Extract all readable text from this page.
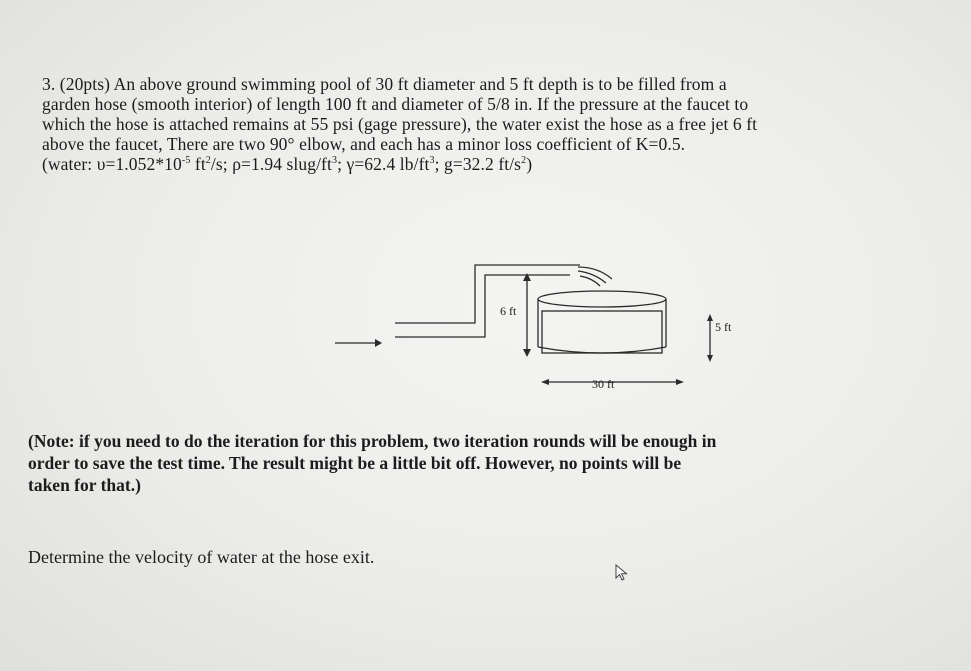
3. (20pts) An above ground swimming pool of 30 ft diameter and 5 ft depth is to be filled from a
garden hose (smooth interior) of length 100 ft and diameter of 5/8 in. If the pressure at the faucet to
which the hose is attached remains at 55 psi (gage pressure), the water exist the hose as a free jet 6 ft
above the faucet, There are two 90° elbow, and each has a minor loss coefficient of K=0.5.
(water: $\upsilon=1.052*10^{-5}$ $ft^2/s$; ρ=1.94 slug/$ft^3$; γ=62.4 $lb/ft^3$; g=32.2 $ft/s^2$)
6 ft
5 ft
30 ft
(Note: if you need to do the iteration for this problem, two iteration rounds will be enough in
order to save the test time. The result might be a little bit off. However, no points will be
taken for that.)
Determine the velocity of water at the hose exit.
